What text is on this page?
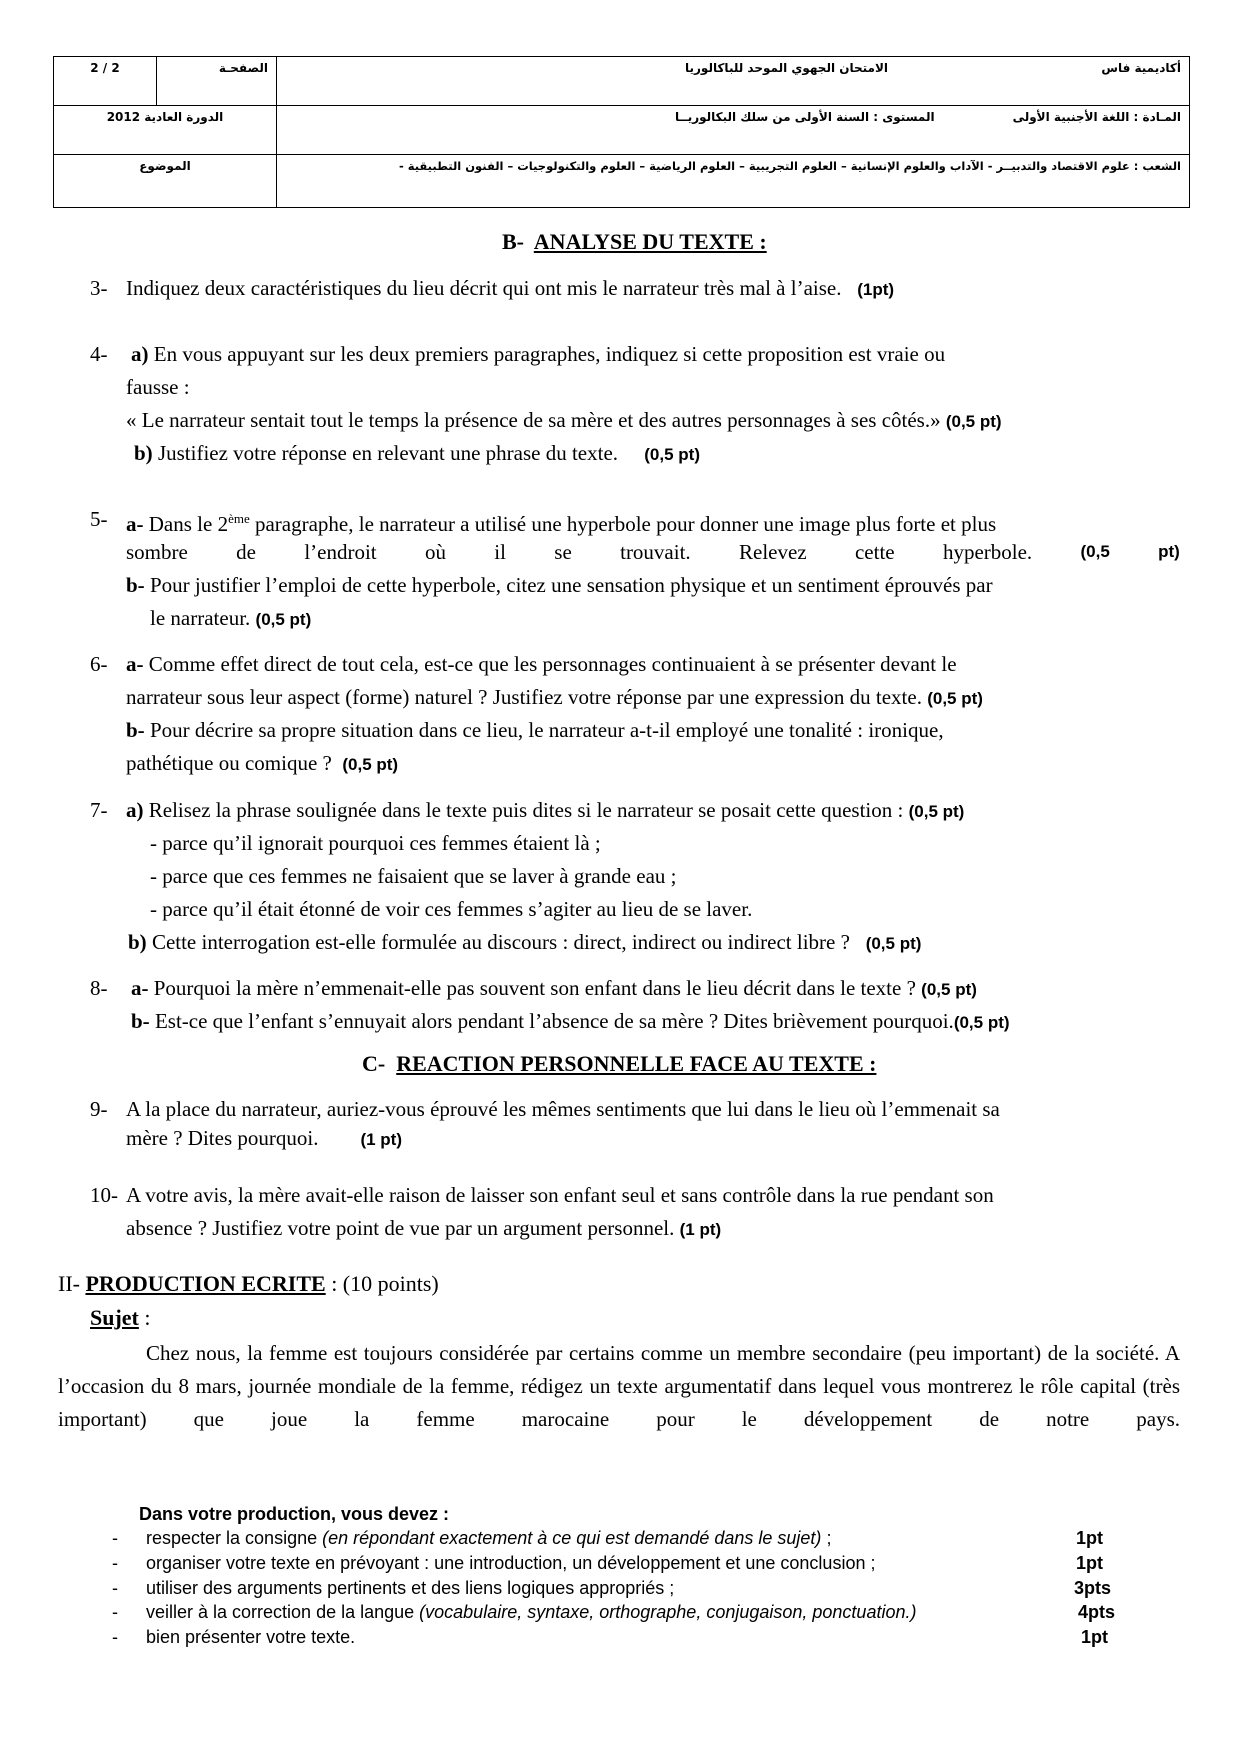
2 / 2	الصفحـة	الامتحان الجهوي الموحد للباكالوريا أكاديمية فاس

الدورة العادية 2012		المستوى : السنة الأولى من سلك البكالوريــا المـادة : اللغة الأجنبية الأولى

الموضوع		الشعب : علوم الاقتصاد والتدبيــر - الآداب والعلوم الإنسانية – العلوم التجريبية – العلوم الرياضية – العلوم والتكنولوجيات – الفنون التطبيقية -
B- ANALYSE DU TEXTE :
3- Indiquez deux caractéristiques du lieu décrit qui ont mis le narrateur très mal à l’aise. (1pt)
4- a) En vous appuyant sur les deux premiers paragraphes, indiquez si cette proposition est vraie ou
fausse :
« Le narrateur sentait tout le temps la présence de sa mère et des autres personnages à ses côtés.» (0,5 pt)
b) Justifiez votre réponse en relevant une phrase du texte. (0,5 pt)
5- a- Dans le 2ème paragraphe, le narrateur a utilisé une hyperbole pour donner une image plus forte et plus
sombre de l’endroit où il se trouvait. Relevez cette hyperbole.	(0,5	pt)
b- Pour justifier l’emploi de cette hyperbole, citez une sensation physique et un sentiment éprouvés par
le narrateur. (0,5 pt)
6- a- Comme effet direct de tout cela, est-ce que les personnages continuaient à se présenter devant le
narrateur sous leur aspect (forme) naturel ? Justifiez votre réponse par une expression du texte. (0,5 pt)
b- Pour décrire sa propre situation dans ce lieu, le narrateur a-t-il employé une tonalité : ironique,
pathétique ou comique ? (0,5 pt)
7- a) Relisez la phrase soulignée dans le texte puis dites si le narrateur se posait cette question : (0,5 pt)
- parce qu’il ignorait pourquoi ces femmes étaient là ;
- parce que ces femmes ne faisaient que se laver à grande eau ;
- parce qu’il était étonné de voir ces femmes s’agiter au lieu de se laver.
b) Cette interrogation est-elle formulée au discours : direct, indirect ou indirect libre ? (0,5 pt)
8- a- Pourquoi la mère n’emmenait-elle pas souvent son enfant dans le lieu décrit dans le texte ? (0,5 pt)
b- Est-ce que l’enfant s’ennuyait alors pendant l’absence de sa mère ? Dites brièvement pourquoi.(0,5 pt)
C- REACTION PERSONNELLE FACE AU TEXTE :
9- A la place du narrateur, auriez-vous éprouvé les mêmes sentiments que lui dans le lieu où l’emmenait sa
mère ? Dites pourquoi. (1 pt)
10- A votre avis, la mère avait-elle raison de laisser son enfant seul et sans contrôle dans la rue pendant son
absence ? Justifiez votre point de vue par un argument personnel. (1 pt)
II- PRODUCTION ECRITE : (10 points)
Sujet :
Chez nous, la femme est toujours considérée par certains comme un membre secondaire (peu important) de la société. A l’occasion du 8 mars, journée mondiale de la femme, rédigez un texte argumentatif dans lequel vous montrerez le rôle capital (très important) que joue la femme marocaine pour le développement de notre pays.
Dans votre production, vous devez :
- respecter la consigne (en répondant exactement à ce qui est demandé dans le sujet) ;	1pt
- organiser votre texte en prévoyant : une introduction, un développement et une conclusion ;	1pt
- utiliser des arguments pertinents et des liens logiques appropriés ;	3pts
- veiller à la correction de la langue (vocabulaire, syntaxe, orthographe, conjugaison, ponctuation.)	4pts
- bien présenter votre texte.	1pt
